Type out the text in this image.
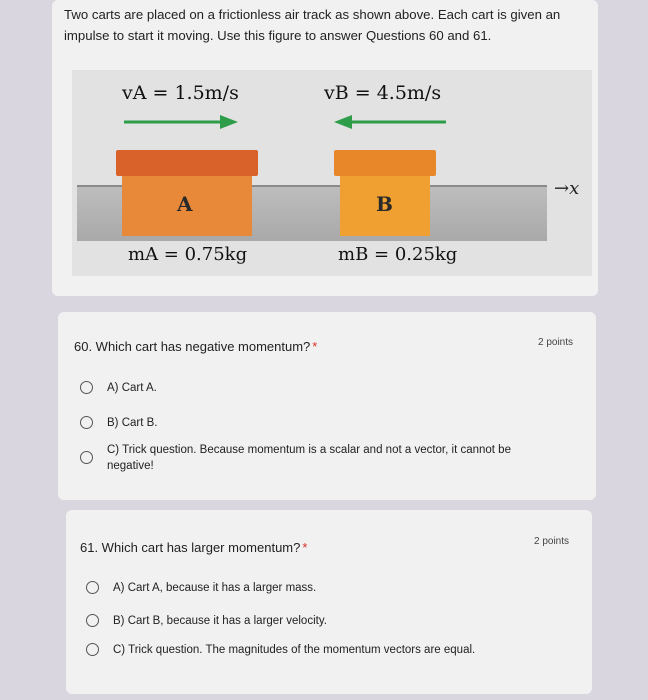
Two carts are placed on a frictionless air track as shown above. Each cart is given an impulse to start it moving. Use this figure to answer Questions 60 and 61.
vA = 1.5m/s	vB = 4.5m/s
→x
A	B
mA = 0.75kg	mB = 0.25kg
60. Which cart has negative momentum? *	2 points
A) Cart A.
B) Cart B.
C) Trick question. Because momentum is a scalar and not a vector, it cannot be negative!
61. Which cart has larger momentum? *	2 points
A) Cart A, because it has a larger mass.
B) Cart B, because it has a larger velocity.
C) Trick question. The magnitudes of the momentum vectors are equal.
